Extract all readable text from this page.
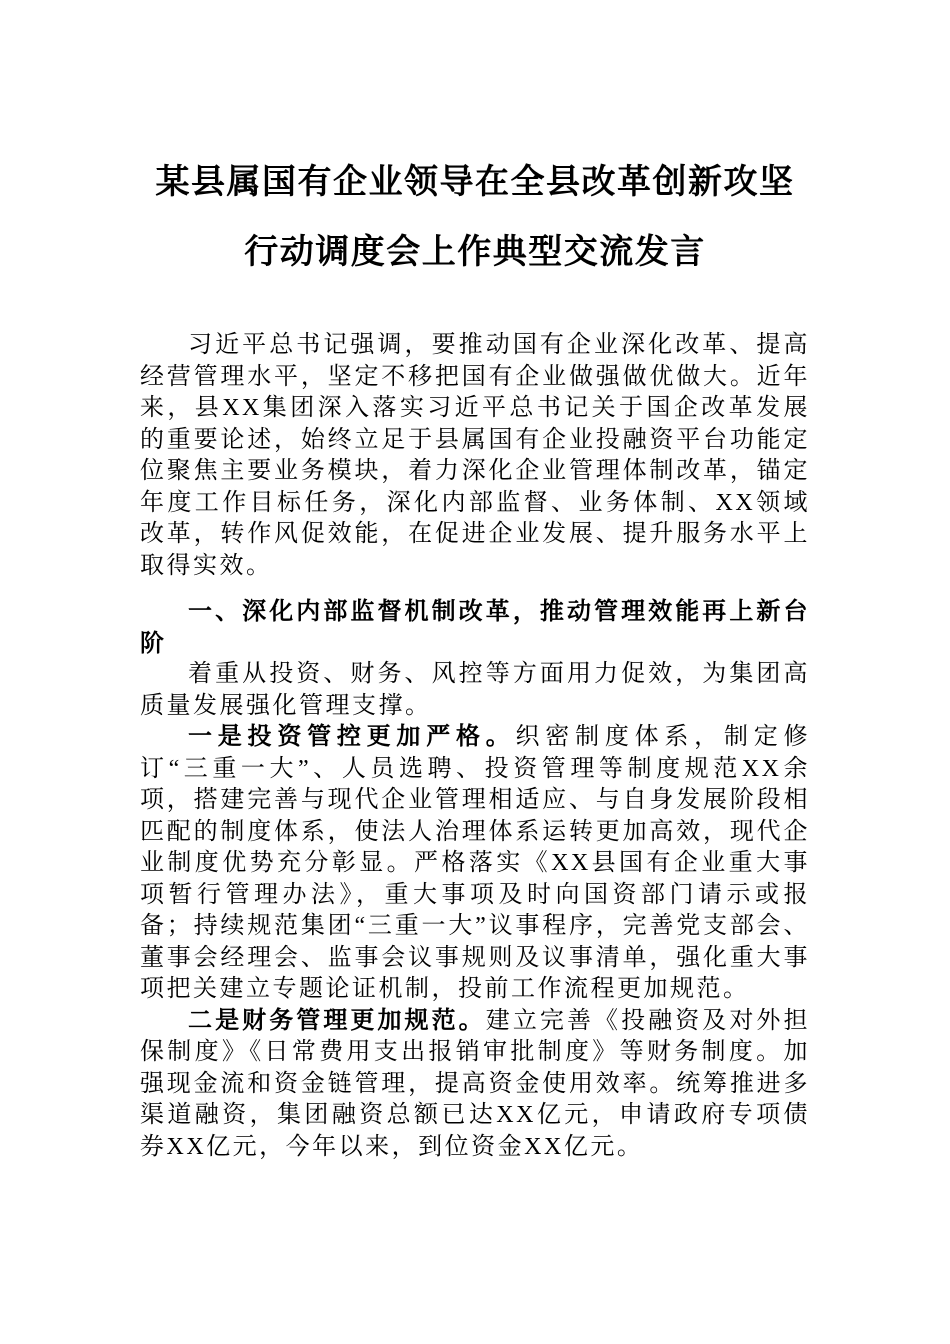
某县属国有企业领导在全县改革创新攻坚
行动调度会上作典型交流发言

习近平总书记强调，要推动国有企业深化改革、提高经营管理水平，坚定不移把国有企业做强做优做大。近年来，县XX集团深入落实习近平总书记关于国企改革发展的重要论述，始终立足于县属国有企业投融资平台功能定位聚焦主要业务模块，着力深化企业管理体制改革，锚定年度工作目标任务，深化内部监督、业务体制、XX领域改革，转作风促效能，在促进企业发展、提升服务水平上取得实效。

一、深化内部监督机制改革，推动管理效能再上新台阶

着重从投资、财务、风控等方面用力促效，为集团高质量发展强化管理支撑。

一是投资管控更加严格。织密制度体系，制定修订“三重一大”、人员选聘、投资管理等制度规范XX余项，搭建完善与现代企业管理相适应、与自身发展阶段相匹配的制度体系，使法人治理体系运转更加高效，现代企业制度优势充分彰显。严格落实《XX县国有企业重大事项暂行管理办法》，重大事项及时向国资部门请示或报备；持续规范集团“三重一大”议事程序，完善党支部会、董事会经理会、监事会议事规则及议事清单，强化重大事项把关建立专题论证机制，投前工作流程更加规范。

二是财务管理更加规范。建立完善《投融资及对外担保制度》《日常费用支出报销审批制度》等财务制度。加强现金流和资金链管理，提高资金使用效率。统筹推进多渠道融资，集团融资总额已达XX亿元，申请政府专项债券XX亿元，今年以来，到位资金XX亿元。
